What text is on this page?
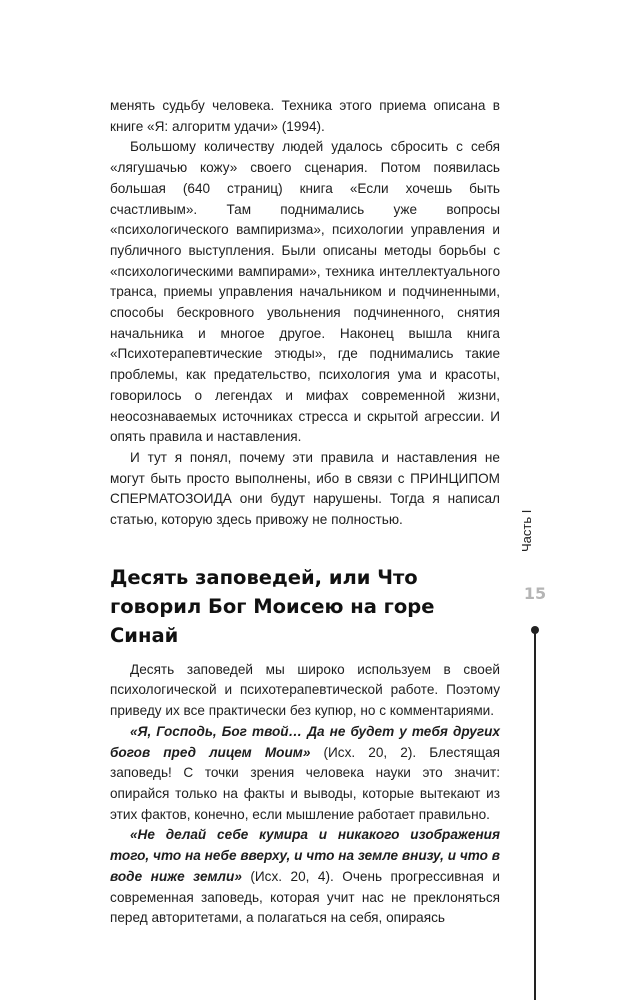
менять судьбу человека. Техника этого приема описана в книге «Я: алгоритм удачи» (1994).

Большому количеству людей удалось сбросить с себя «лягушачью кожу» своего сценария. Потом появилась большая (640 страниц) книга «Если хочешь быть счастливым». Там поднимались уже вопросы «психологического вампиризма», психологии управления и публичного выступления. Были описаны методы борьбы с «психологическими вампирами», техника интеллектуального транса, приемы управления начальником и подчиненными, способы бескровного увольнения подчиненного, снятия начальника и многое другое. Наконец вышла книга «Психотерапевтические этюды», где поднимались такие проблемы, как предательство, психология ума и красоты, говорилось о легендах и мифах современной жизни, неосознаваемых источниках стресса и скрытой агрессии. И опять правила и наставления.

И тут я понял, почему эти правила и наставления не могут быть просто выполнены, ибо в связи с ПРИНЦИПОМ СПЕРМАТОЗОИДА они будут нарушены. Тогда я написал статью, которую здесь привожу не полностью.

Десять заповедей, или Что говорил Бог Моисею на горе Синай

Десять заповедей мы широко используем в своей психологической и психотерапевтической работе. Поэтому приведу их все практически без купюр, но с комментариями.

«Я, Господь, Бог твой… Да не будет у тебя других богов пред лицем Моим» (Исх. 20, 2). Блестящая заповедь! С точки зрения человека науки это значит: опирайся только на факты и выводы, которые вытекают из этих фактов, конечно, если мышление работает правильно.

«Не делай себе кумира и никакого изображения того, что на небе вверху, и что на земле внизу, и что в воде ниже земли» (Исх. 20, 4). Очень прогрессивная и современная заповедь, которая учит нас не преклоняться перед авторитетами, а полагаться на себя, опираясь

Часть I
15
